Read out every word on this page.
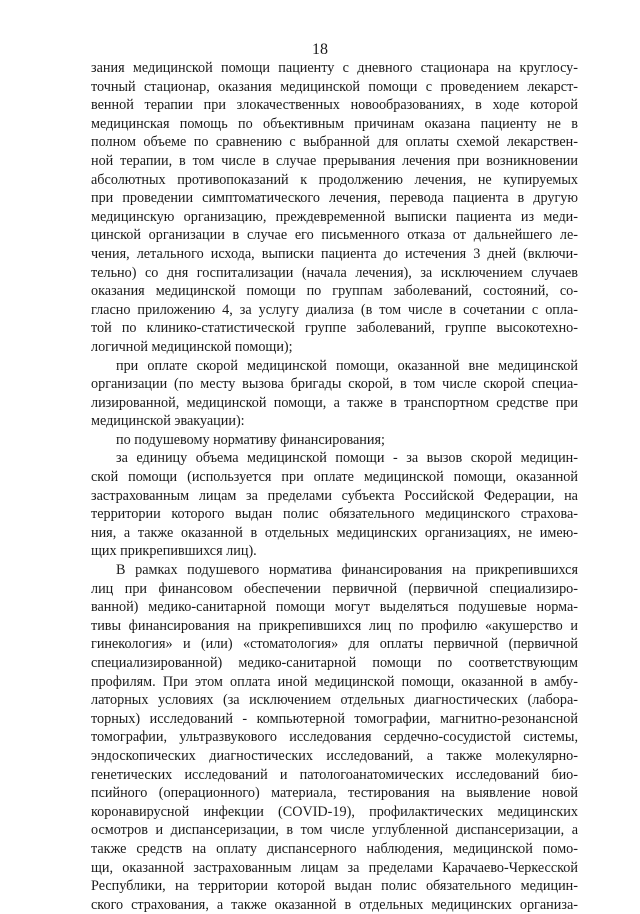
18
зания медицинской помощи пациенту с дневного стационара на круглосу-
точный стационар, оказания медицинской помощи с проведением лекарст-
венной терапии при злокачественных новообразованиях, в ходе которой
медицинская помощь по объективным причинам оказана пациенту не в
полном объеме по сравнению с выбранной для оплаты схемой лекарствен-
ной терапии, в том числе в случае прерывания лечения при возникновении
абсолютных противопоказаний к продолжению лечения, не купируемых
при проведении симптоматического лечения, перевода пациента в другую
медицинскую организацию, преждевременной выписки пациента из меди-
цинской организации в случае его письменного отказа от дальнейшего ле-
чения, летального исхода, выписки пациента до истечения 3 дней (включи-
тельно) со дня госпитализации (начала лечения), за исключением случаев
оказания медицинской помощи по группам заболеваний, состояний, со-
гласно приложению 4, за услугу диализа (в том числе в сочетании с опла-
той по клинико-статистической группе заболеваний, группе высокотехно-
логичной медицинской помощи);
при оплате скорой медицинской помощи, оказанной вне медицинской
организации (по месту вызова бригады скорой, в том числе скорой специа-
лизированной, медицинской помощи, а также в транспортном средстве при
медицинской эвакуации):
по подушевому нормативу финансирования;
за единицу объема медицинской помощи - за вызов скорой медицин-
ской помощи (используется при оплате медицинской помощи, оказанной
застрахованным лицам за пределами субъекта Российской Федерации, на
территории которого выдан полис обязательного медицинского страхова-
ния, а также оказанной в отдельных медицинских организациях, не имею-
щих прикрепившихся лиц).
В рамках подушевого норматива финансирования на прикрепившихся
лиц при финансовом обеспечении первичной (первичной специализиро-
ванной) медико-санитарной помощи могут выделяться подушевые норма-
тивы финансирования на прикрепившихся лиц по профилю «акушерство и
гинекология» и (или) «стоматология» для оплаты первичной (первичной
специализированной) медико-санитарной помощи по соответствующим
профилям. При этом оплата иной медицинской помощи, оказанной в амбу-
латорных условиях (за исключением отдельных диагностических (лабора-
торных) исследований - компьютерной томографии, магнитно-резонансной
томографии, ультразвукового исследования сердечно-сосудистой системы,
эндоскопических диагностических исследований, а также молекулярно-
генетических исследований и патологоанатомических исследований био-
псийного (операционного) материала, тестирования на выявление новой
коронавирусной инфекции (COVID-19), профилактических медицинских
осмотров и диспансеризации, в том числе углубленной диспансеризации, а
также средств на оплату диспансерного наблюдения, медицинской помо-
щи, оказанной застрахованным лицам за пределами Карачаево-Черкесской
Республики, на территории которой выдан полис обязательного медицин-
ского страхования, а также оказанной в отдельных медицинских организа-
